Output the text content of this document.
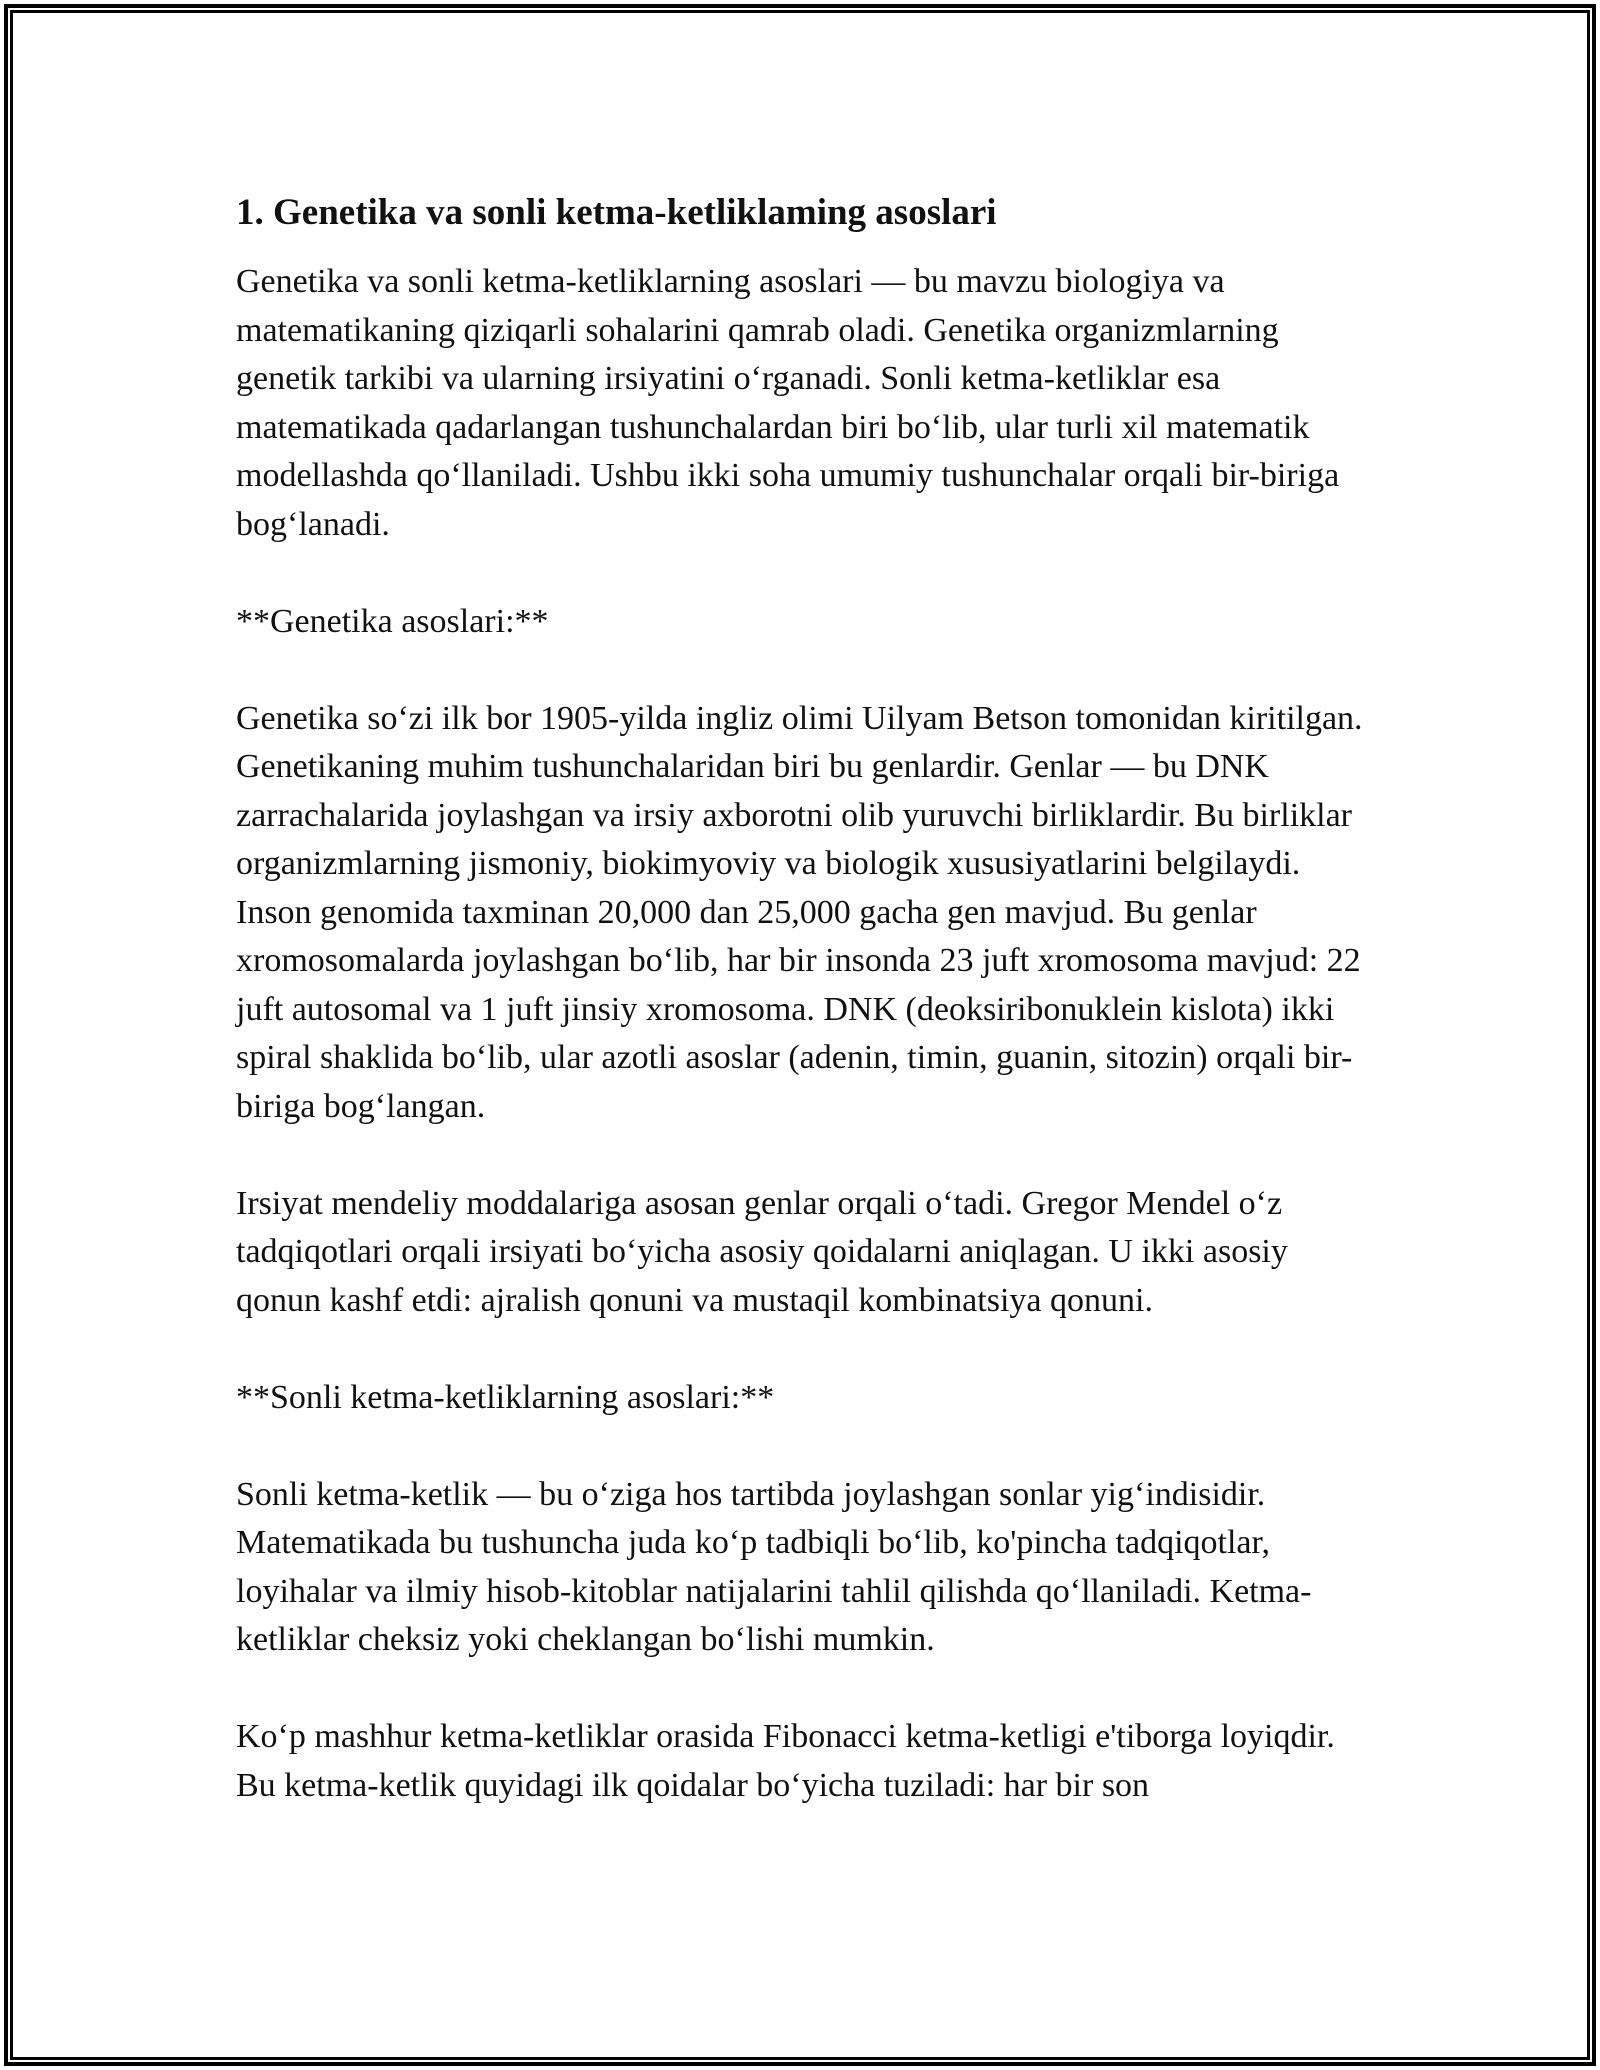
1. Genetika va sonli ketma-ketliklaming asoslari
Genetika va sonli ketma-ketliklarning asoslari — bu mavzu biologiya va matematikaning qiziqarli sohalarini qamrab oladi. Genetika organizmlarning genetik tarkibi va ularning irsiyatini o‘rganadi. Sonli ketma-ketliklar esa matematikada qadarlangan tushunchalardan biri bo‘lib, ular turli xil matematik modellashda qo‘llaniladi. Ushbu ikki soha umumiy tushunchalar orqali bir-biriga bog‘lanadi.
**Genetika asoslari:**
Genetika so‘zi ilk bor 1905-yilda ingliz olimi Uilyam Betson tomonidan kiritilgan. Genetikaning muhim tushunchalaridan biri bu genlardir. Genlar — bu DNK zarrachalarida joylashgan va irsiy axborotni olib yuruvchi birliklardir. Bu birliklar organizmlarning jismoniy, biokimyoviy va biologik xususiyatlarini belgilaydi. Inson genomida taxminan 20,000 dan 25,000 gacha gen mavjud. Bu genlar xromosomalarda joylashgan bo‘lib, har bir insonda 23 juft xromosoma mavjud: 22 juft autosomal va 1 juft jinsiy xromosoma. DNK (deoksiribonuklein kislota) ikki spiral shaklida bo‘lib, ular azotli asoslar (adenin, timin, guanin, sitozin) orqali bir-biriga bog‘langan.
Irsiyat mendeliy moddalariga asosan genlar orqali o‘tadi. Gregor Mendel o‘z tadqiqotlari orqali irsiyati bo‘yicha asosiy qoidalarni aniqlagan. U ikki asosiy qonun kashf etdi: ajralish qonuni va mustaqil kombinatsiya qonuni.
**Sonli ketma-ketliklarning asoslari:**
Sonli ketma-ketlik — bu o‘ziga hos tartibda joylashgan sonlar yig‘indisidir. Matematikada bu tushuncha juda ko‘p tadbiqli bo‘lib, ko'pincha tadqiqotlar, loyihalar va ilmiy hisob-kitoblar natijalarini tahlil qilishda qo‘llaniladi. Ketma-ketliklar cheksiz yoki cheklangan bo‘lishi mumkin.
Ko‘p mashhur ketma-ketliklar orasida Fibonacci ketma-ketligi e'tiborga loyiqdir. Bu ketma-ketlik quyidagi ilk qoidalar bo‘yicha tuziladi: har bir son
